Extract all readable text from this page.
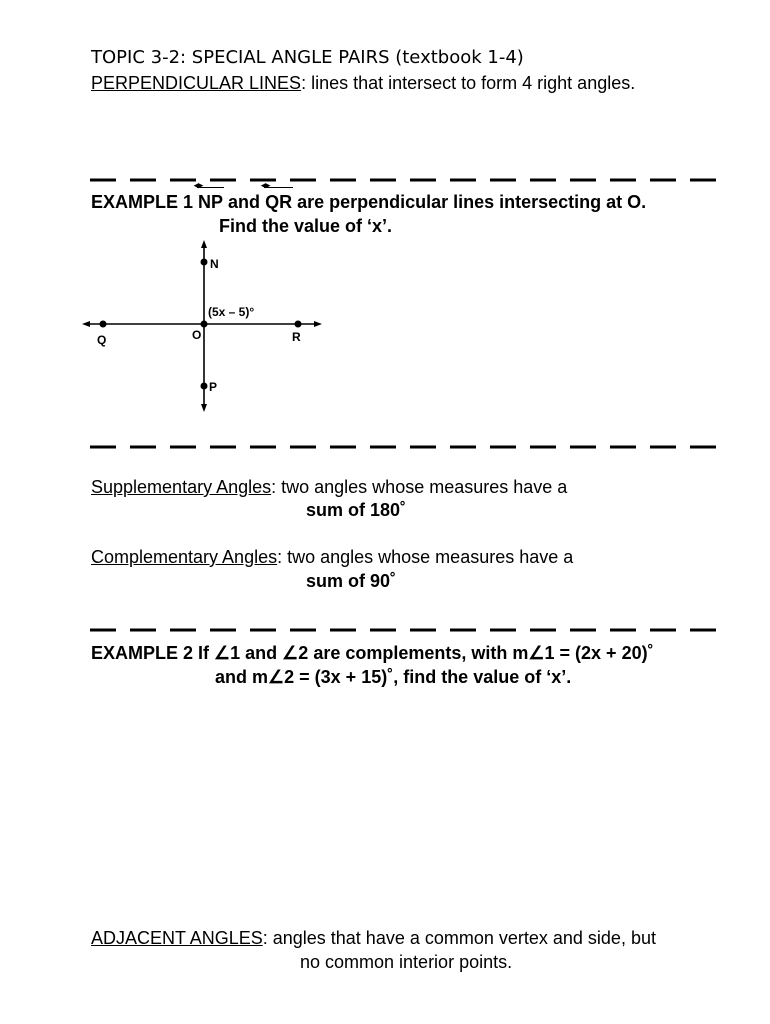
TOPIC 3-2: SPECIAL ANGLE PAIRS (textbook 1-4)
PERPENDICULAR LINES: lines that intersect to form 4 right angles.
EXAMPLE 1 NP ◂▸ and QR ◂▸ are perpendicular lines intersecting at O.
Find the value of ‘x’.
N
Q	O	R
P
(5x – 5)°
Supplementary Angles: two angles whose measures have a
sum of 180˚
Complementary Angles: two angles whose measures have a
sum of 90˚
EXAMPLE 2 If ∠1 and ∠2 are complements, with m∠1 = (2x + 20)˚
and m∠2 = (3x + 15)˚, find the value of ‘x’.
ADJACENT ANGLES: angles that have a common vertex and side, but
no common interior points.
